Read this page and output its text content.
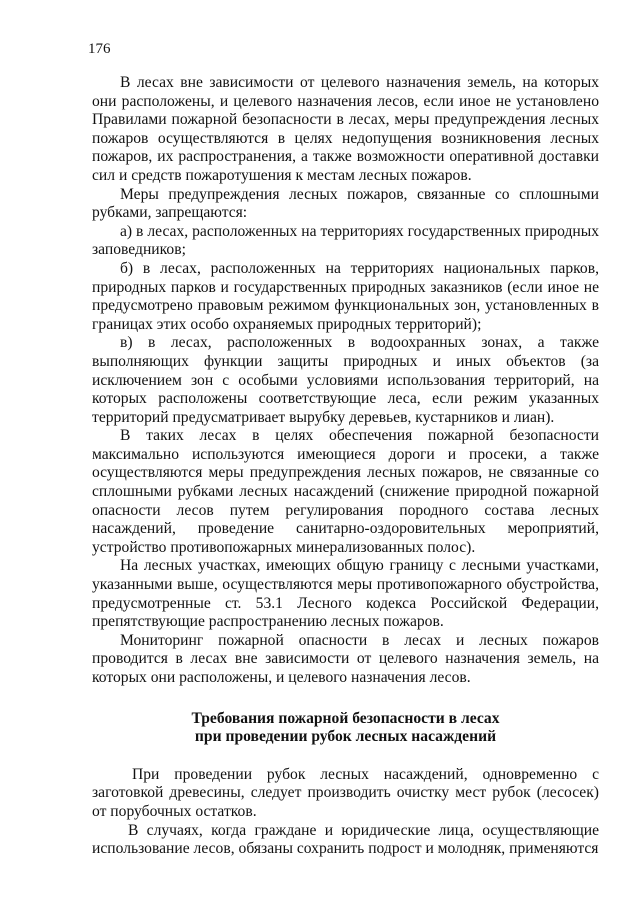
176

В лесах вне зависимости от целевого назначения земель, на которых они расположены, и целевого назначения лесов, если иное не установлено Правилами пожарной безопасности в лесах, меры предупреждения лесных пожаров осуществляются в целях недопущения возникновения лесных пожаров, их распространения, а также возможности оперативной доставки сил и средств пожаротушения к местам лесных пожаров.

Меры предупреждения лесных пожаров, связанные со сплошными рубками, запрещаются:

а) в лесах, расположенных на территориях государственных природных заповедников;

б) в лесах, расположенных на территориях национальных парков, природных парков и государственных природных заказников (если иное не предусмотрено правовым режимом функциональных зон, установленных в границах этих особо охраняемых природных территорий);

в) в лесах, расположенных в водоохранных зонах, а также выполняющих функции защиты природных и иных объектов (за исключением зон с особыми условиями использования территорий, на которых расположены соответствующие леса, если режим указанных территорий предусматривает вырубку деревьев, кустарников и лиан).

В таких лесах в целях обеспечения пожарной безопасности максимально используются имеющиеся дороги и просеки, а также осуществляются меры предупреждения лесных пожаров, не связанные со сплошными рубками лесных насаждений (снижение природной пожарной опасности лесов путем регулирования породного состава лесных насаждений, проведение санитарно-оздоровительных мероприятий, устройство противопожарных минерализованных полос).

На лесных участках, имеющих общую границу с лесными участками, указанными выше, осуществляются меры противопожарного обустройства, предусмотренные ст. 53.1 Лесного кодекса Российской Федерации, препятствующие распространению лесных пожаров.

Мониторинг пожарной опасности в лесах и лесных пожаров проводится в лесах вне зависимости от целевого назначения земель, на которых они расположены, и целевого назначения лесов.

Требования пожарной безопасности в лесах
при проведении рубок лесных насаждений

При проведении рубок лесных насаждений, одновременно с заготовкой древесины, следует производить очистку мест рубок (лесосек) от порубочных остатков.

В случаях, когда граждане и юридические лица, осуществляющие использование лесов, обязаны сохранить подрост и молодняк, применяются
